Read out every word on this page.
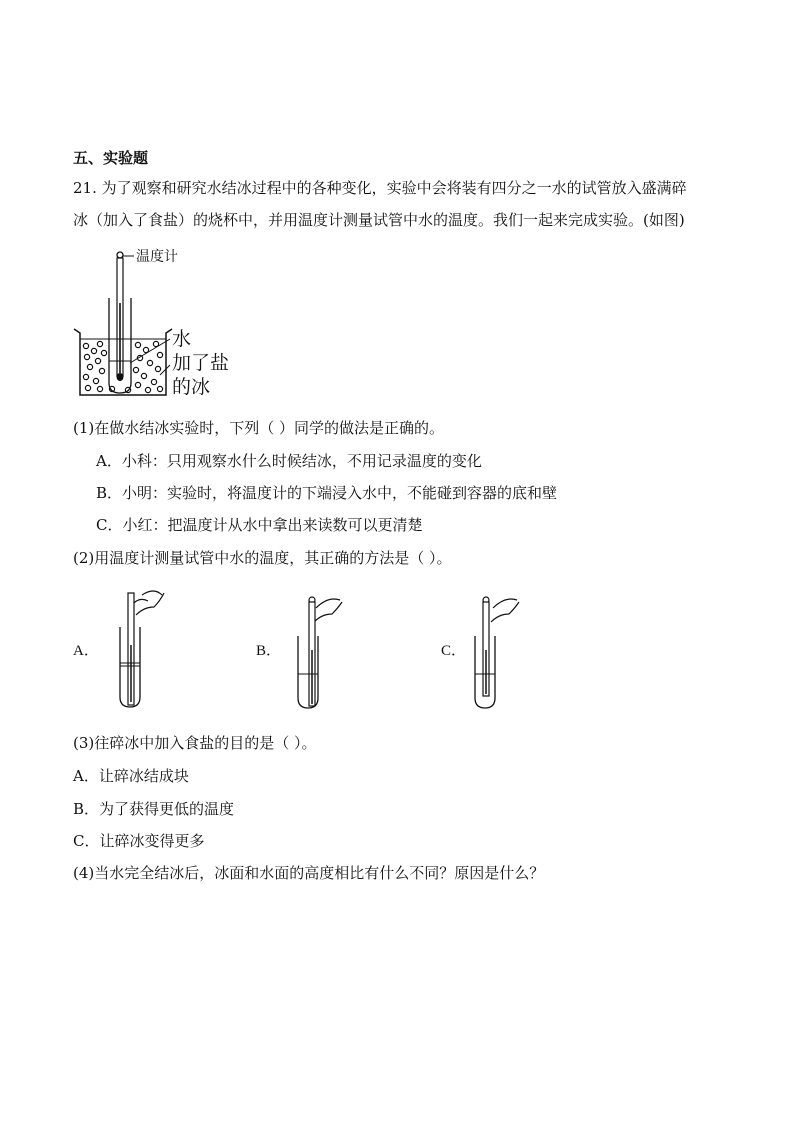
五、实验题
21. 为了观察和研究水结冰过程中的各种变化，实验中会将装有四分之一水的试管放入盛满碎
冰（加入了食盐）的烧杯中，并用温度计测量试管中水的温度。我们一起来完成实验。(如图)
温度计
水
加了盐
的冰
(1)在做水结冰实验时，下列（ ）同学的做法是正确的。
A．小科：只用观察水什么时候结冰，不用记录温度的变化
B．小明：实验时，将温度计的下端浸入水中，不能碰到容器的底和壁
C．小红：把温度计从水中拿出来读数可以更清楚
(2)用温度计测量试管中水的温度，其正确的方法是（ ）。
A．	B．	C．
(3)往碎冰中加入食盐的目的是（ ）。
A．让碎冰结成块
B．为了获得更低的温度
C．让碎冰变得更多
(4)当水完全结冰后，冰面和水面的高度相比有什么不同？原因是什么？
